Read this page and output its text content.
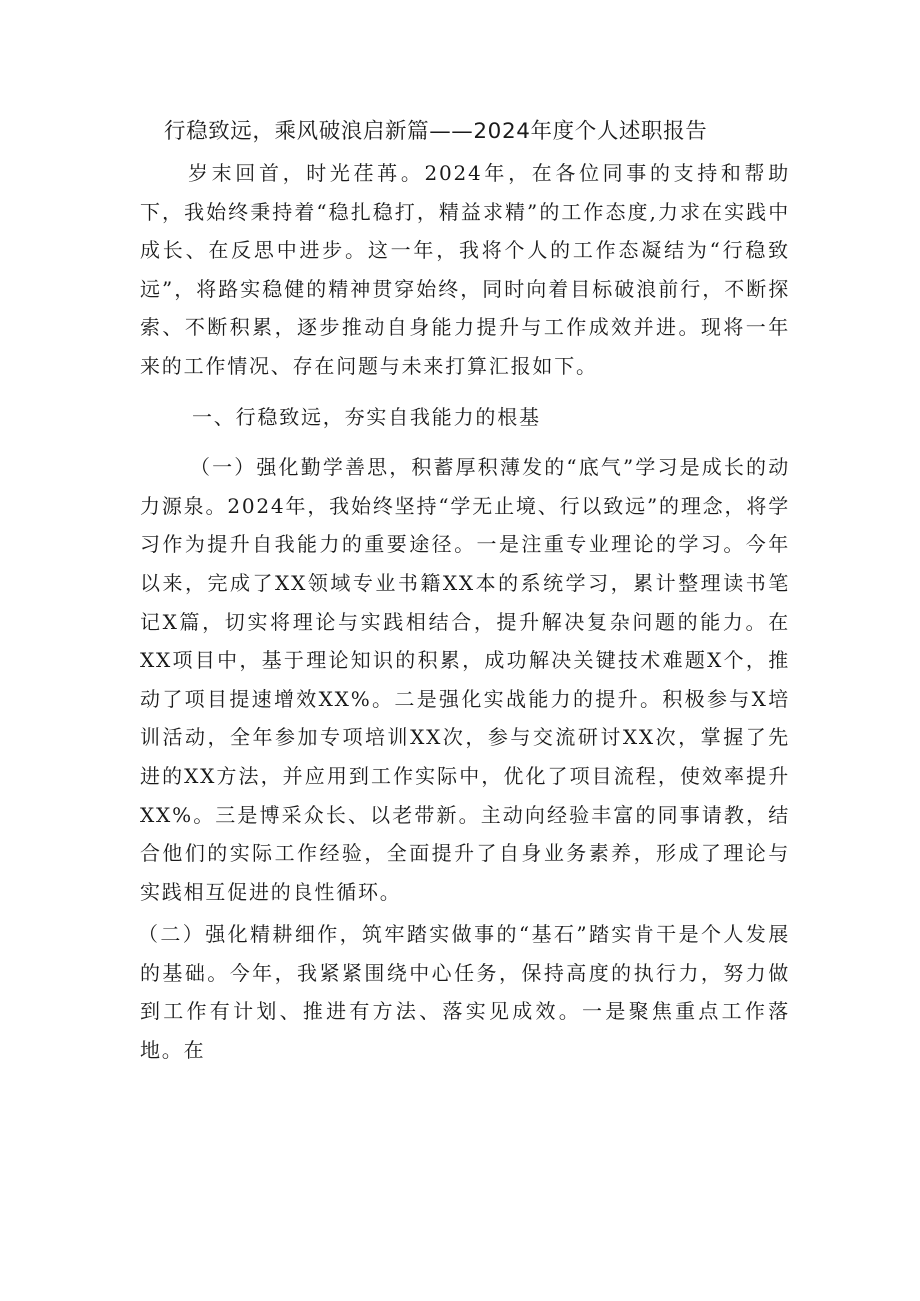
行稳致远，乘风破浪启新篇——2024年度个人述职报告

岁末回首，时光荏苒。2024年，在各位同事的支持和帮助下，我始终秉持着“稳扎稳打，精益求精”的工作态度,力求在实践中成长、在反思中进步。这一年，我将个人的工作态凝结为“行稳致远”，将路实稳健的精神贯穿始终，同时向着目标破浪前行，不断探索、不断积累，逐步推动自身能力提升与工作成效并进。现将一年来的工作情况、存在问题与未来打算汇报如下。

一、行稳致远，夯实自我能力的根基

（一）强化勤学善思，积蓄厚积薄发的“底气”学习是成长的动力源泉。2024年，我始终坚持“学无止境、行以致远”的理念，将学习作为提升自我能力的重要途径。一是注重专业理论的学习。今年以来，完成了XX领域专业书籍XX本的系统学习，累计整理读书笔记X篇，切实将理论与实践相结合，提升解决复杂问题的能力。在XX项目中，基于理论知识的积累，成功解决关键技术难题X个，推动了项目提速增效XX%。二是强化实战能力的提升。积极参与X培训活动，全年参加专项培训XX次，参与交流研讨XX次，掌握了先进的XX方法，并应用到工作实际中，优化了项目流程，使效率提升XX%。三是博采众长、以老带新。主动向经验丰富的同事请教，结合他们的实际工作经验，全面提升了自身业务素养，形成了理论与实践相互促进的良性循环。

（二）强化精耕细作，筑牢踏实做事的“基石”踏实肯干是个人发展的基础。今年，我紧紧围绕中心任务，保持高度的执行力，努力做到工作有计划、推进有方法、落实见成效。一是聚焦重点工作落地。在
